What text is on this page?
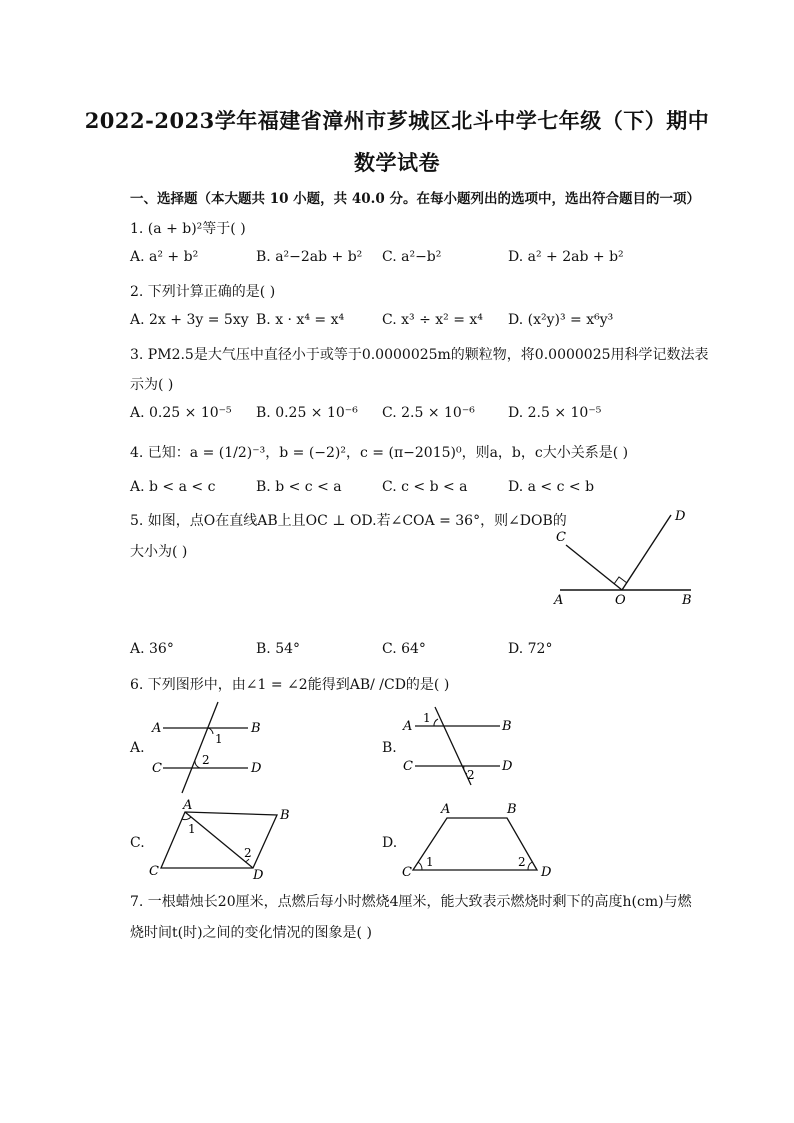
2022-2023学年福建省漳州市芗城区北斗中学七年级（下）期中
数学试卷
一、选择题（本大题共 10 小题，共 40.0 分。在每小题列出的选项中，选出符合题目的一项）
1. (a + b)²等于( )
A. a² + b²	B. a²−2ab + b² C. a²−b²	D. a² + 2ab + b²
2. 下列计算正确的是( )
A. 2x + 3y = 5xy B. x · x⁴ = x⁴	C. x³ ÷ x² = x⁴ D. (x²y)³ = x⁶y³
3. PM2.5是大气压中直径小于或等于0.0000025m的颗粒物，将0.0000025用科学记数法表
示为( )
A. 0.25 × 10⁻⁵ B. 0.25 × 10⁻⁶ C. 2.5 × 10⁻⁶ D. 2.5 × 10⁻⁵
4. 已知：a = (1/2)⁻³，b = (−2)²，c = (π−2015)⁰，则a，b，c大小关系是( )
A. b < a < c	B. b < c < a	C. c < b < a	D. a < c < b
5. 如图，点O在直线AB上且OC ⊥ OD.若∠COA = 36°，则∠DOB的
大小为( )
C
D
A	O	B
A. 36°	B. 54°	C. 64°	D. 72°
6. 下列图形中，由∠1 = ∠2能得到AB/ /CD的是( )
A.
A	B
C	D
1
2
B.
A	B
C	D
1
2
C.
A
B
C	D
1
2
D.
A	B
C	D
1	2
7. 一根蜡烛长20厘米，点燃后每小时燃烧4厘米，能大致表示燃烧时剩下的高度h(cm)与燃
烧时间t(时)之间的变化情况的图象是( )
